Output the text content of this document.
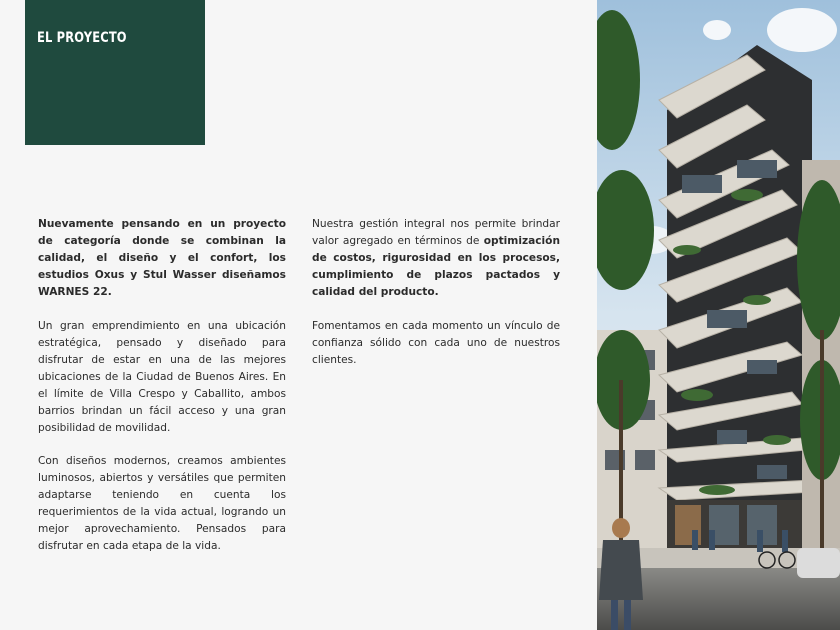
EL PROYECTO

Nuevamente pensando en un proyecto de categoría donde se combinan la calidad, el diseño y el confort, los estudios Oxus y Stul Wasser diseñamos WARNES 22.

Un gran emprendimiento en una ubicación estratégica, pensado y diseñado para disfrutar de estar en una de las mejores ubicaciones de la Ciudad de Buenos Aires. En el límite de Villa Crespo y Caballito, ambos barrios brindan un fácil acceso y una gran posibilidad de movilidad.

Con diseños modernos, creamos ambientes luminosos, abiertos y versátiles que permiten adaptarse teniendo en cuenta los requerimientos de la vida actual, logrando un mejor aprovechamiento. Pensados para disfrutar en cada etapa de la vida.

Nuestra gestión integral nos permite brindar valor agregado en términos de optimización de costos, rigurosidad en los procesos, cumplimiento de plazos pactados y calidad del producto.

Fomentamos en cada momento un vínculo de confianza sólido con cada uno de nuestros clientes.
